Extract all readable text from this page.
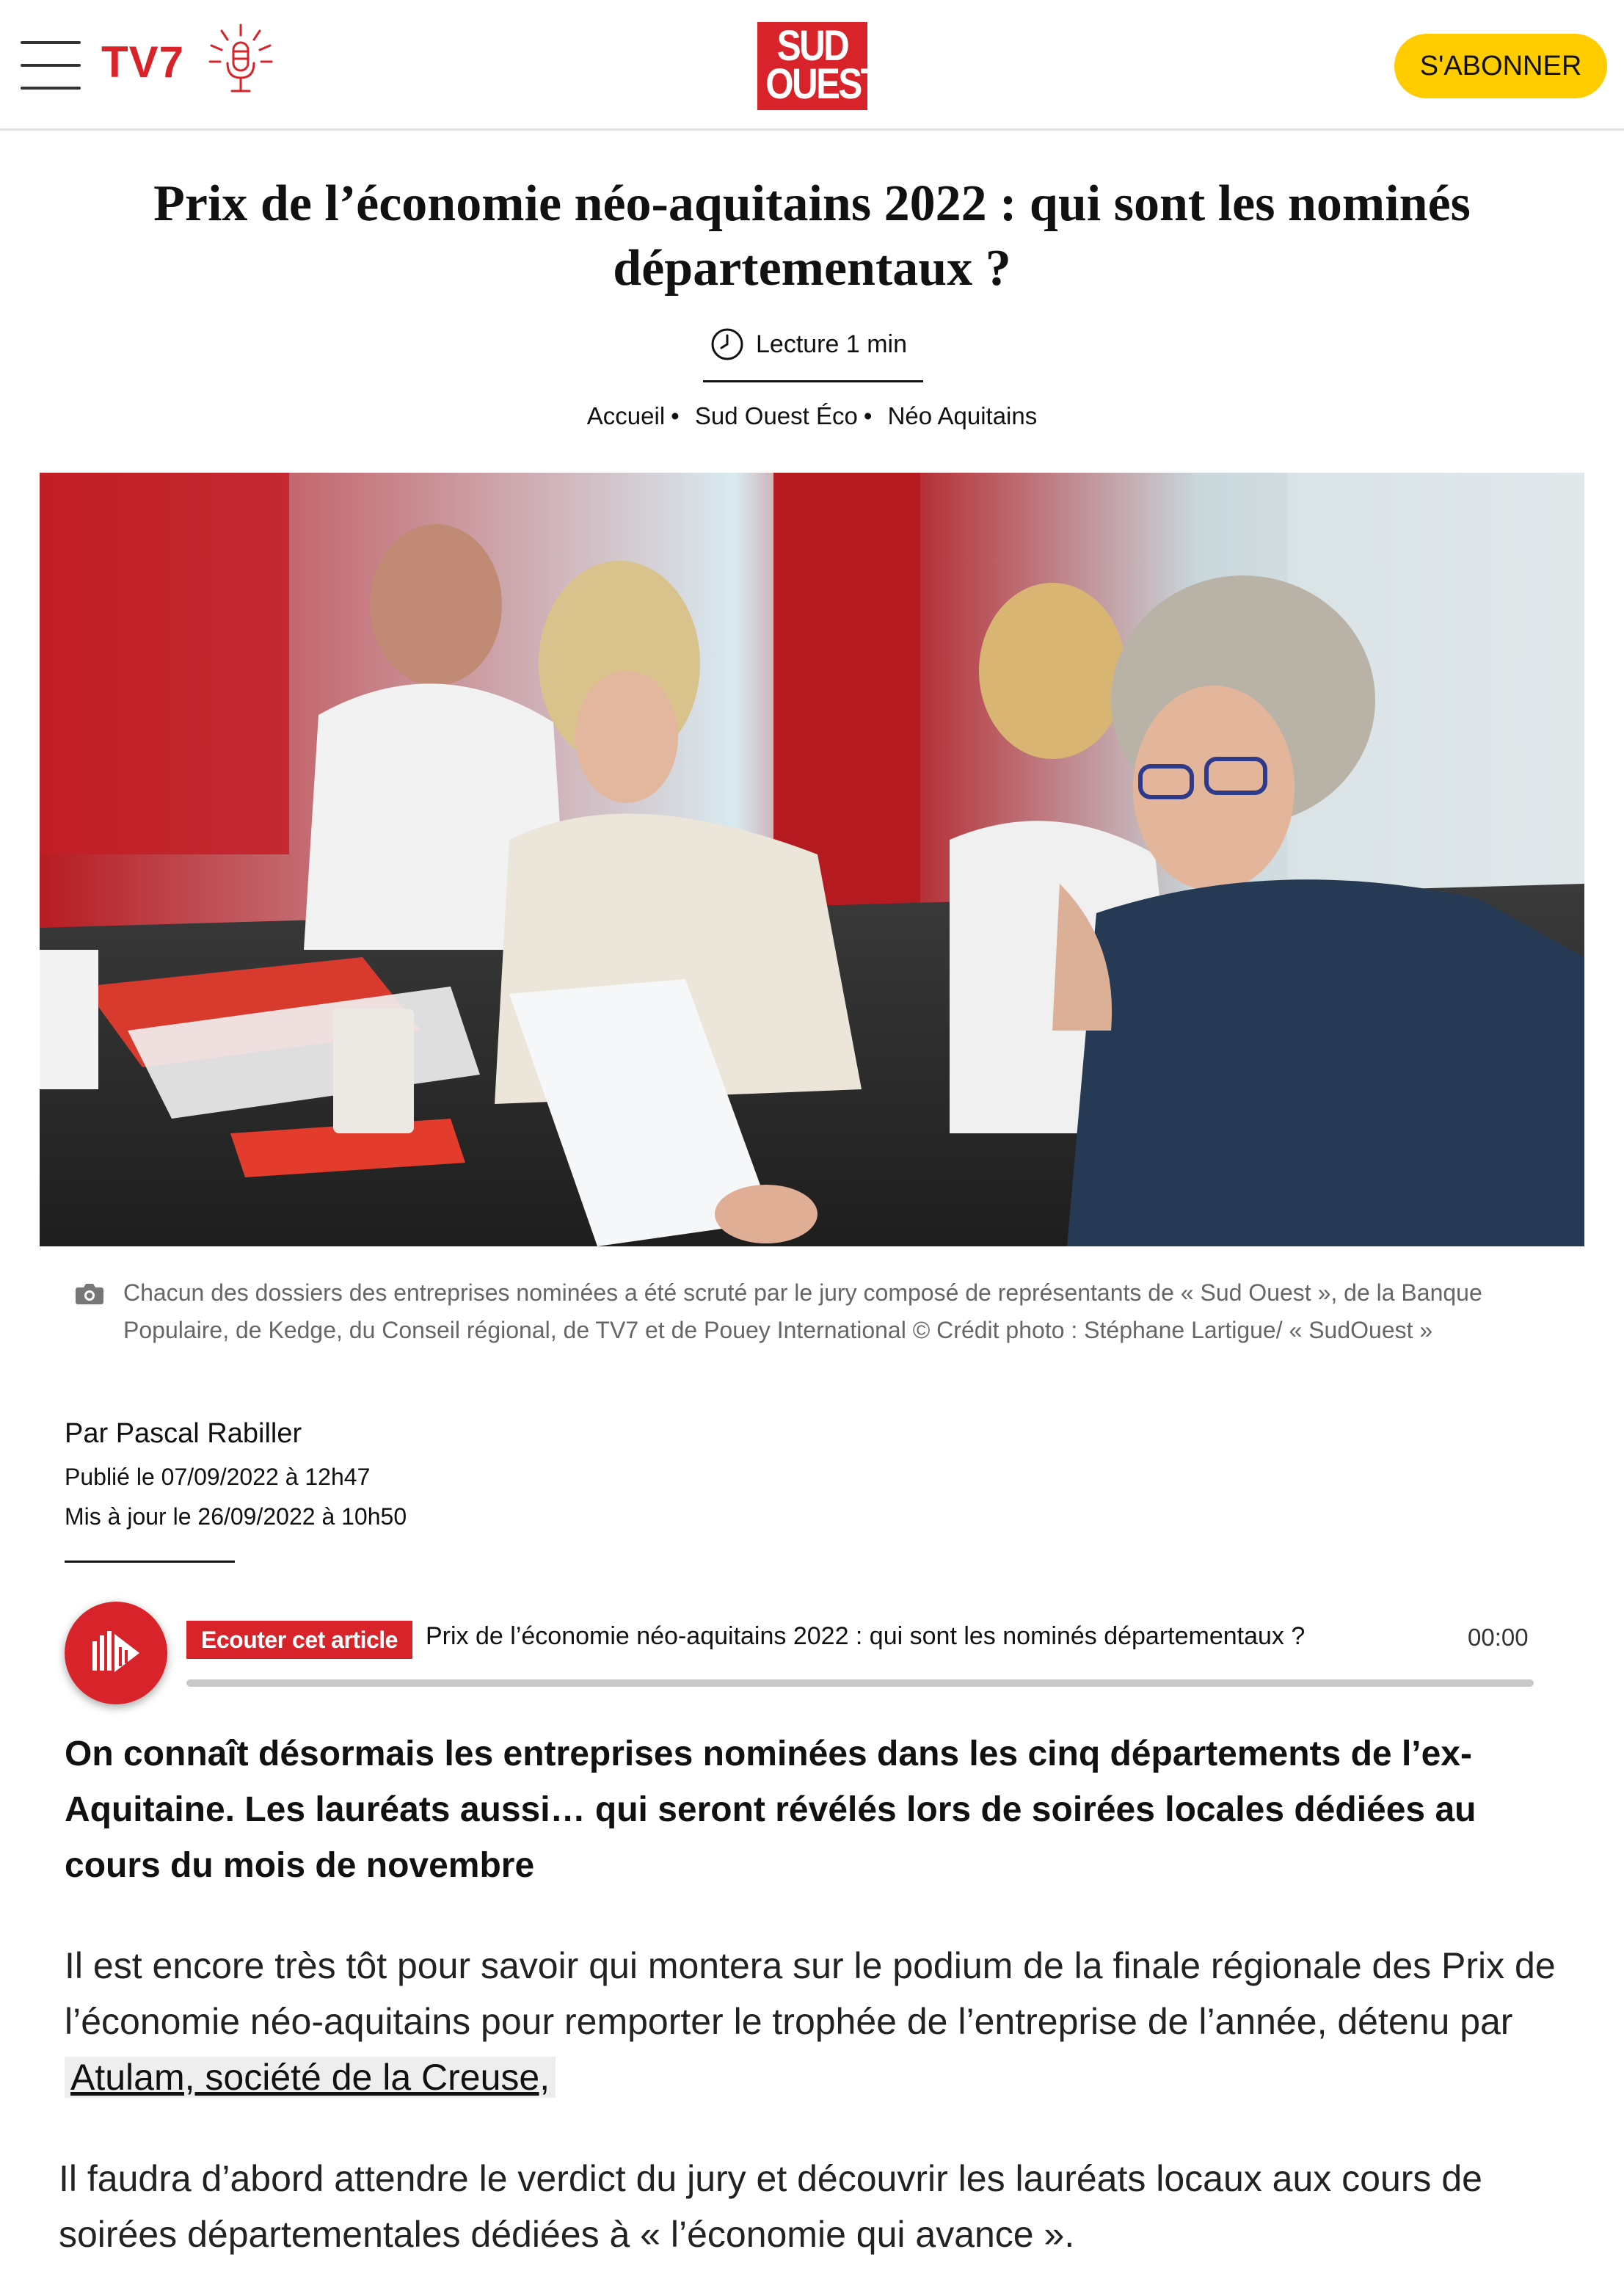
TV7	SUD
OUEST	S'ABONNER
Prix de l’économie néo-aquitains 2022 : qui sont les nominés départementaux ?
Lecture 1 min
Accueil • Sud Ouest Éco • Néo Aquitains
Chacun des dossiers des entreprises nominées a été scruté par le jury composé de représentants de « Sud Ouest », de la Banque Populaire, de Kedge, du Conseil régional, de TV7 et de Pouey International © Crédit photo : Stéphane Lartigue/ « SudOuest »
Par Pascal Rabiller
Publié le 07/09/2022 à 12h47
Mis à jour le 26/09/2022 à 10h50
Ecouter cet article	Prix de l’économie néo-aquitains 2022 : qui sont les nominés départementaux ?	00:00

On connaît désormais les entreprises nominées dans les cinq départements de l’ex-Aquitaine. Les lauréats aussi… qui seront révélés lors de soirées locales dédiées au cours du mois de novembre

Il est encore très tôt pour savoir qui montera sur le podium de la finale régionale des Prix de l’économie néo-aquitains pour remporter le trophée de l’entreprise de l’année, détenu par Atulam, société de la Creuse,

Il faudra d’abord attendre le verdict du jury et découvrir les lauréats locaux aux cours de soirées départementales dédiées à « l’économie qui avance ».
